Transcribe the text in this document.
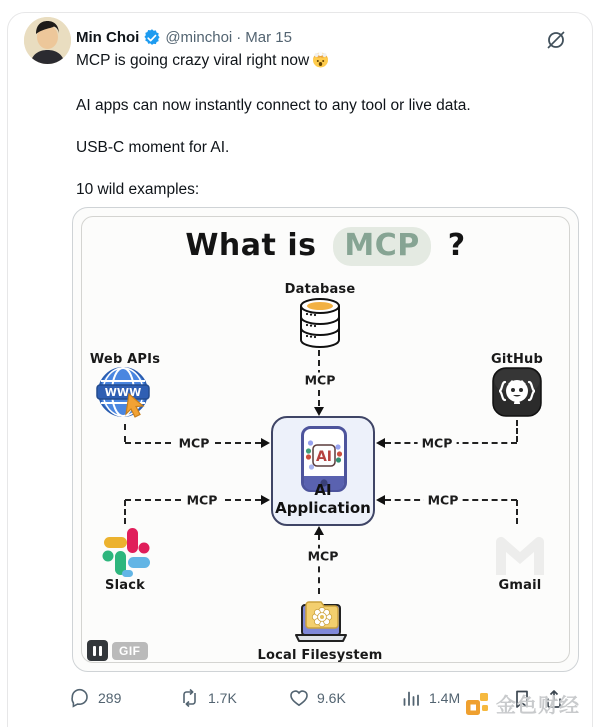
Min Choi @minchoi · Mar 15

MCP is going crazy viral right now

AI apps can now instantly connect to any tool or live data.

USB-C moment for AI.

10 wild examples:

What is MCP ?
Database
Web APIs
WWW
GitHub
Slack	Gmail
Local Filesystem
AI
AI Application
MCP
MCP	MCP
MCP	MCP
MCP
GIF
289	1.7K	9.6K	1.4M 金色财经
